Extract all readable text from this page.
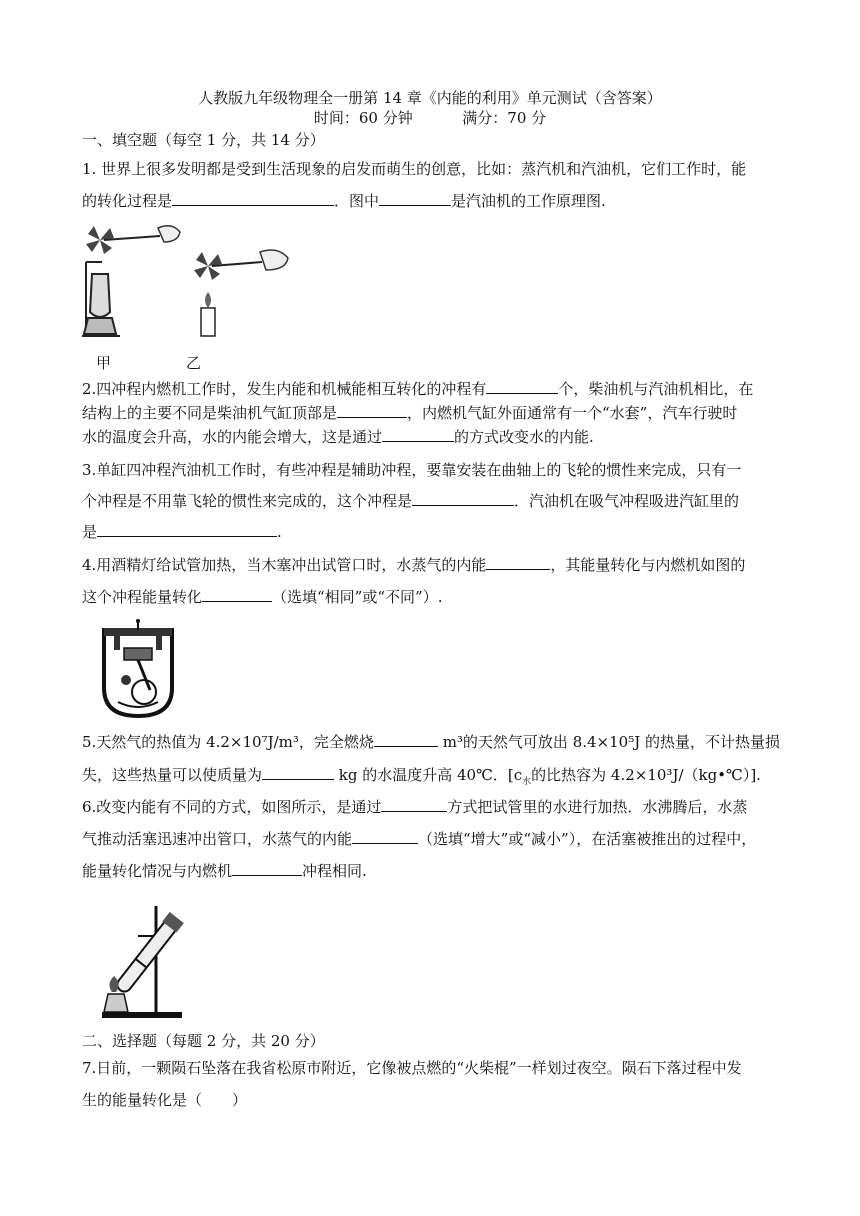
人教版九年级物理全一册第 14 章《内能的利用》单元测试（含答案）
时间：60 分钟	满分：70 分
一、填空题（每空 1 分，共 14 分）
1. 世界上很多发明都是受到生活现象的启发而萌生的创意，比如：蒸汽机和汽油机，它们工作时，能
的转化过程是	．图中	是汽油机的工作原理图.
甲	乙
2.四冲程内燃机工作时，发生内能和机械能相互转化的冲程有	个，柴油机与汽油机相比，在
结构上的主要不同是柴油机气缸顶部是	，内燃机气缸外面通常有一个“水套”，汽车行驶时
水的温度会升高，水的内能会增大，这是通过	的方式改变水的内能.
3.单缸四冲程汽油机工作时，有些冲程是辅助冲程，要靠安装在曲轴上的飞轮的惯性来完成，只有一
个冲程是不用靠飞轮的惯性来完成的，这个冲程是	．汽油机在吸气冲程吸进汽缸里的
是	.
4.用酒精灯给试管加热，当木塞冲出试管口时，水蒸气的内能	，其能量转化与内燃机如图的
这个冲程能量转化	（选填“相同”或“不同”）.
5.天然气的热值为 4.2×10⁷J/m³，完全燃烧	m³的天然气可放出 8.4×10⁵J 的热量，不计热量损
失，这些热量可以使质量为	kg 的水温度升高 40℃．[$c_水$的比热容为 4.2×10³J/（kg•℃）].
6.改变内能有不同的方式，如图所示，是通过	方式把试管里的水进行加热．水沸腾后，水蒸
气推动活塞迅速冲出管口，水蒸气的内能	（选填“增大”或“减小”），在活塞被推出的过程中，
能量转化情况与内燃机	冲程相同.
二、选择题（每题 2 分，共 20 分）
7.日前，一颗陨石坠落在我省松原市附近，它像被点燃的“火柴棍”一样划过夜空。陨石下落过程中发
生的能量转化是（　　）
